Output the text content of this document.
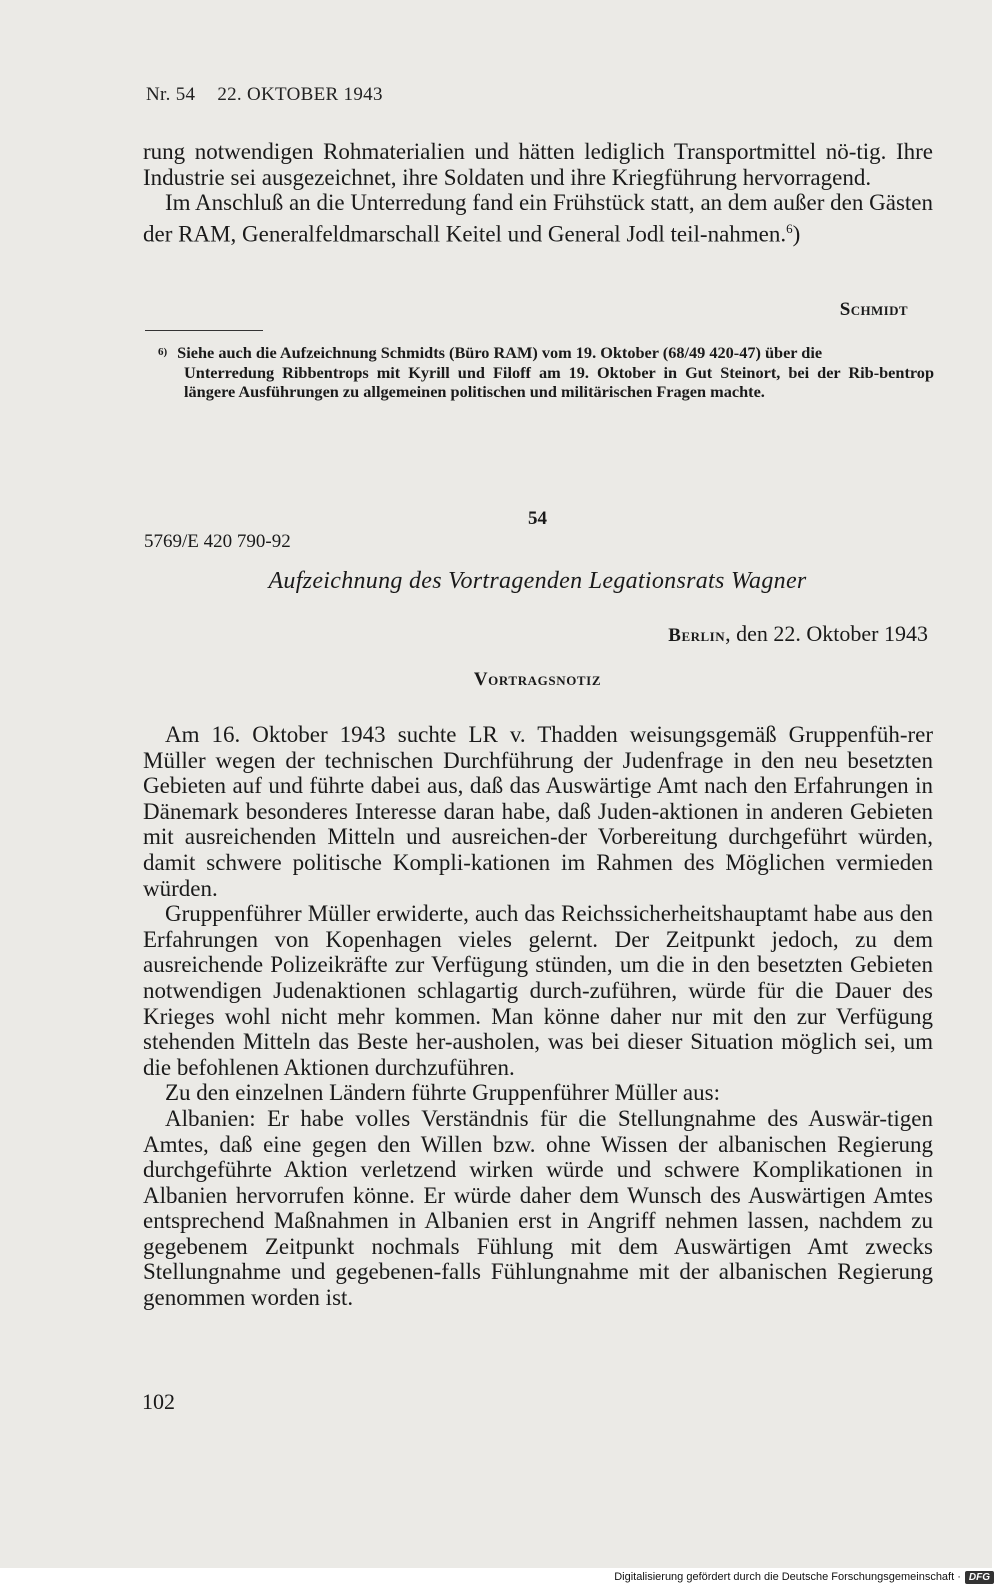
Nr. 54 22. OKTOBER 1943

rung notwendigen Rohmaterialien und hätten lediglich Transportmittel nö-tig. Ihre Industrie sei ausgezeichnet, ihre Soldaten und ihre Kriegführung hervorragend.

Im Anschluß an die Unterredung fand ein Frühstück statt, an dem außer den Gästen der RAM, Generalfeldmarschall Keitel und General Jodl teil-nahmen.$^6$)

Schmidt
$^{6)}$ Siehe auch die Aufzeichnung Schmidts (Büro RAM) vom 19. Oktober (68/49 420-47) über die
Unterredung Ribbentrops mit Kyrill und Filoff am 19. Oktober in Gut Steinort, bei der Rib-bentrop längere Ausführungen zu allgemeinen politischen und militärischen Fragen machte.
54
5769/E 420 790-92
Aufzeichnung des Vortragenden Legationsrats Wagner
Berlin, den 22. Oktober 1943
Vortragsnotiz

Am 16. Oktober 1943 suchte LR v. Thadden weisungsgemäß Gruppenfüh-rer Müller wegen der technischen Durchführung der Judenfrage in den neu besetzten Gebieten auf und führte dabei aus, daß das Auswärtige Amt nach den Erfahrungen in Dänemark besonderes Interesse daran habe, daß Juden-aktionen in anderen Gebieten mit ausreichenden Mitteln und ausreichen-der Vorbereitung durchgeführt würden, damit schwere politische Kompli-kationen im Rahmen des Möglichen vermieden würden.

Gruppenführer Müller erwiderte, auch das Reichssicherheitshauptamt habe aus den Erfahrungen von Kopenhagen vieles gelernt. Der Zeitpunkt jedoch, zu dem ausreichende Polizeikräfte zur Verfügung stünden, um die in den besetzten Gebieten notwendigen Judenaktionen schlagartig durch-zuführen, würde für die Dauer des Krieges wohl nicht mehr kommen. Man könne daher nur mit den zur Verfügung stehenden Mitteln das Beste her-ausholen, was bei dieser Situation möglich sei, um die befohlenen Aktionen durchzuführen.

Zu den einzelnen Ländern führte Gruppenführer Müller aus:

Albanien: Er habe volles Verständnis für die Stellungnahme des Auswär-tigen Amtes, daß eine gegen den Willen bzw. ohne Wissen der albanischen Regierung durchgeführte Aktion verletzend wirken würde und schwere Komplikationen in Albanien hervorrufen könne. Er würde daher dem Wunsch des Auswärtigen Amtes entsprechend Maßnahmen in Albanien erst in Angriff nehmen lassen, nachdem zu gegebenem Zeitpunkt nochmals Fühlung mit dem Auswärtigen Amt zwecks Stellungnahme und gegebenen-falls Fühlungnahme mit der albanischen Regierung genommen worden ist.

102
Digitalisierung gefördert durch die Deutsche Forschungsgemeinschaft · DFG
